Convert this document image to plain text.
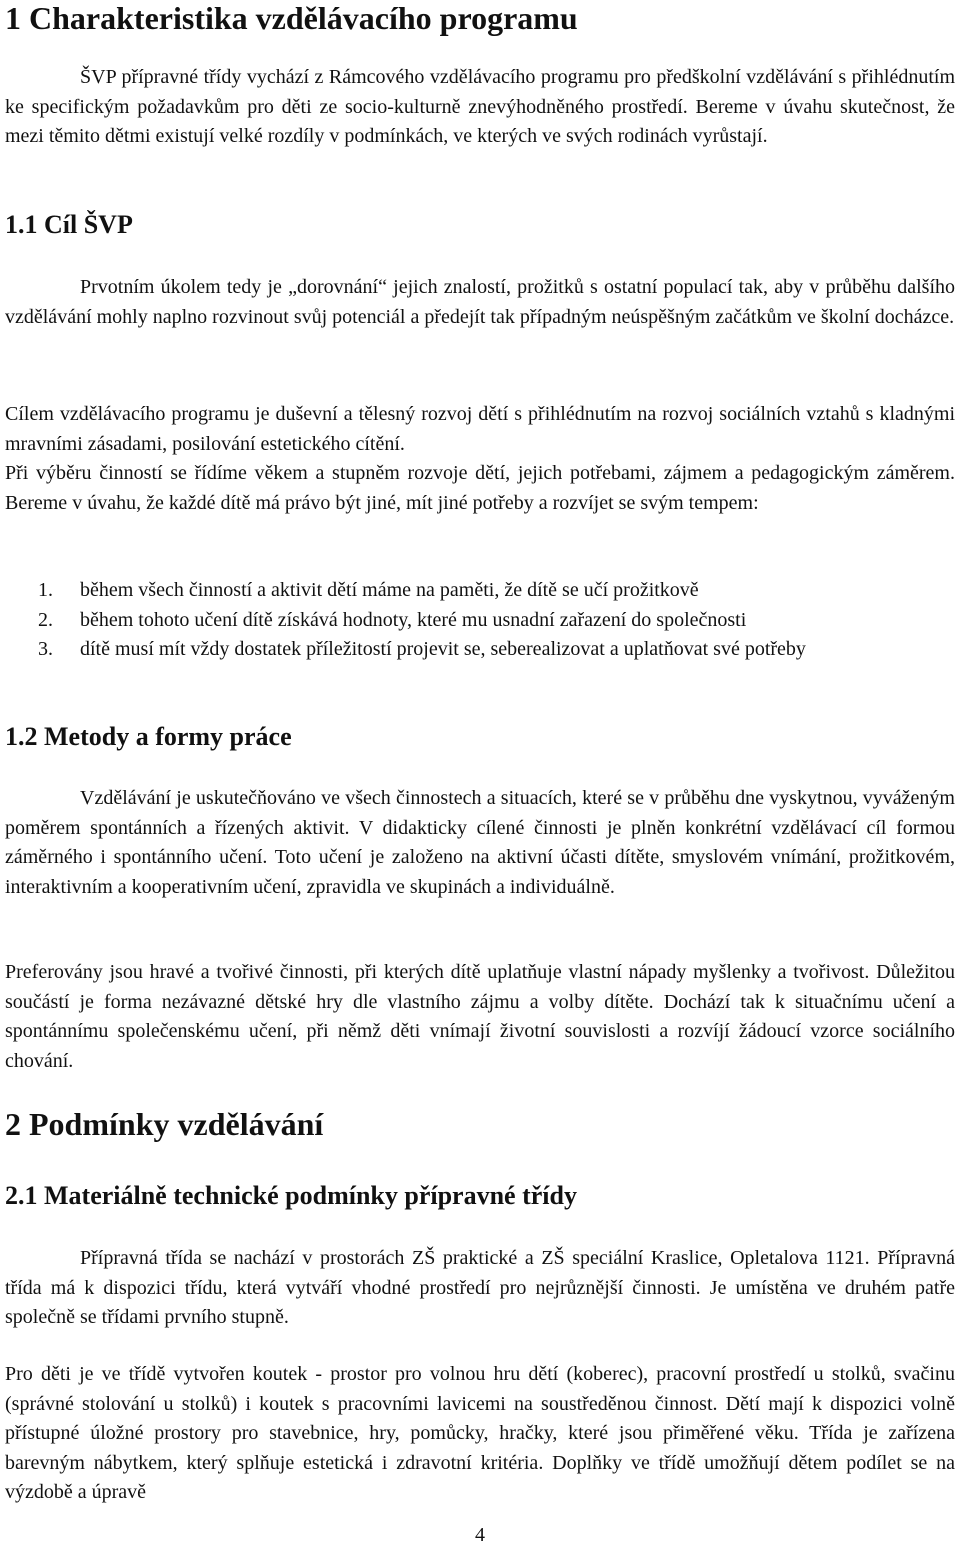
1 Charakteristika vzdělávacího programu

ŠVP přípravné třídy vychází z Rámcového vzdělávacího programu pro předškolní vzdělávání s přihlédnutím ke specifickým požadavkům pro děti ze socio-kulturně znevýhodněného prostředí. Bereme v úvahu skutečnost, že mezi těmito dětmi existují velké rozdíly v podmínkách, ve kterých ve svých rodinách vyrůstají.

1.1 Cíl ŠVP

Prvotním úkolem tedy je „dorovnání“ jejich znalostí, prožitků s ostatní populací tak, aby v průběhu dalšího vzdělávání mohly naplno rozvinout svůj potenciál a předejít tak případným neúspěšným začátkům ve školní docházce.

Cílem vzdělávacího programu je duševní a tělesný rozvoj dětí s přihlédnutím na rozvoj sociálních vztahů s kladnými mravními zásadami, posilování estetického cítění.

Při výběru činností se řídíme věkem a stupněm rozvoje dětí, jejich potřebami, zájmem a pedagogickým záměrem. Bereme v úvahu, že každé dítě má právo být jiné, mít jiné potřeby a rozvíjet se svým tempem:

1. během všech činností a aktivit dětí máme na paměti, že dítě se učí prožitkově
2. během tohoto učení dítě získává hodnoty, které mu usnadní zařazení do společnosti
3. dítě musí mít vždy dostatek příležitostí projevit se, seberealizovat a uplatňovat své potřeby
1.2 Metody a formy práce

Vzdělávání je uskutečňováno ve všech činnostech a situacích, které se v průběhu dne vyskytnou, vyváženým poměrem spontánních a řízených aktivit. V didakticky cílené činnosti je plněn konkrétní vzdělávací cíl formou záměrného i spontánního učení. Toto učení je založeno na aktivní účasti dítěte, smyslovém vnímání, prožitkovém, interaktivním a kooperativním učení, zpravidla ve skupinách a individuálně.

Preferovány jsou hravé a tvořivé činnosti, při kterých dítě uplatňuje vlastní nápady myšlenky a tvořivost. Důležitou součástí je forma nezávazné dětské hry dle vlastního zájmu a volby dítěte. Dochází tak k situačnímu učení a spontánnímu společenskému učení, při němž děti vnímají životní souvislosti a rozvíjí žádoucí vzorce sociálního chování.

2 Podmínky vzdělávání
2.1 Materiálně technické podmínky přípravné třídy

Přípravná třída se nachází v prostorách ZŠ praktické a ZŠ speciální Kraslice, Opletalova 1121. Přípravná třída má k dispozici třídu, která vytváří vhodné prostředí pro nejrůznější činnosti. Je umístěna ve druhém patře společně se třídami prvního stupně.

Pro děti je ve třídě vytvořen koutek - prostor pro volnou hru dětí (koberec), pracovní prostředí u stolků, svačinu (správné stolování u stolků) i koutek s pracovními lavicemi na soustředěnou činnost. Dětí mají k dispozici volně přístupné úložné prostory pro stavebnice, hry, pomůcky, hračky, které jsou přiměřené věku. Třída je zařízena barevným nábytkem, který splňuje estetická i zdravotní kritéria. Doplňky ve třídě umožňují dětem podílet se na výzdobě a úpravě

4
